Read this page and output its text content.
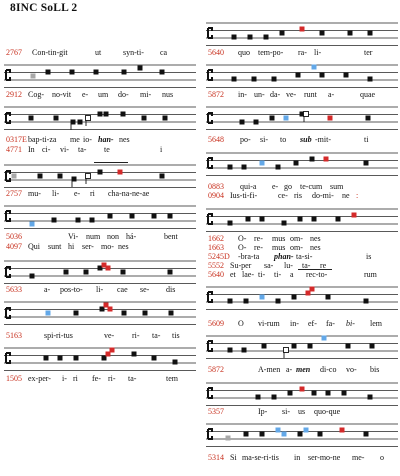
8INC SoLL 2
2767 Con-tin-git	ut	syn-ti- ca
2912 Cog- no-vit e- um do- mi- nus
0317E bap-ti-za me io- han- nes
4771 In ci- vi- ta- te	i
2757 mu- li- e- ri cha-na-ne-ae
5036	Vi- num non há-	bent
4097 Qui sunt hi ser- mo- nes
5633	a- pos-to- li- cae se- dis
5163	spi-ri-tus	ve- ri- ta- tis
1505 ex-per- i- ri fe- ri- ta-	tem
5640 quo tem-po- ra- li-	ter
5872 in- un- da- ve- runt a-	quae
5648 po- si- to sub -mit-	ti
0883 qui-a e- go te-cum sum
0904 Ius-ti-fi-	ce- ris do-mi- ne :
1662 O- re- mus om- nes
1663 O- re- mus om- nes
5245D -bra-ta phan- ta-si-	is
5552 Su-per sa- lu- ta- re
5640 et lae- ti- ti- a rec-to-	rum
5609 O vi-rum in- ef- fa- bi- lem
5872	A-men a- men di-co vo- bis
5357	Ip- si- us quo-que
5314 Si ma-se-ri-tis in ser-mo-ne me- o
